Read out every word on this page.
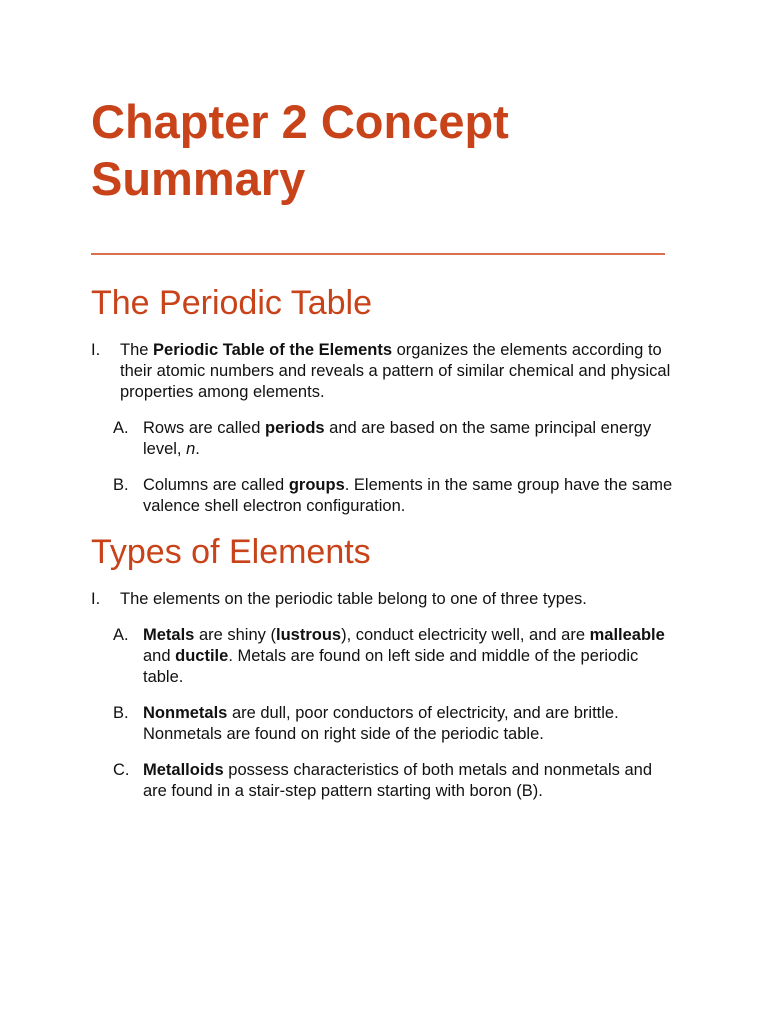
Chapter 2 Concept Summary
The Periodic Table
I. The Periodic Table of the Elements organizes the elements according to their atomic numbers and reveals a pattern of similar chemical and physical properties among elements.
A. Rows are called periods and are based on the same principal energy level, n.
B. Columns are called groups. Elements in the same group have the same valence shell electron configuration.
Types of Elements
I. The elements on the periodic table belong to one of three types.
A. Metals are shiny (lustrous), conduct electricity well, and are malleable and ductile. Metals are found on left side and middle of the periodic table.
B. Nonmetals are dull, poor conductors of electricity, and are brittle. Nonmetals are found on right side of the periodic table.
C. Metalloids possess characteristics of both metals and nonmetals and are found in a stair-step pattern starting with boron (B).
